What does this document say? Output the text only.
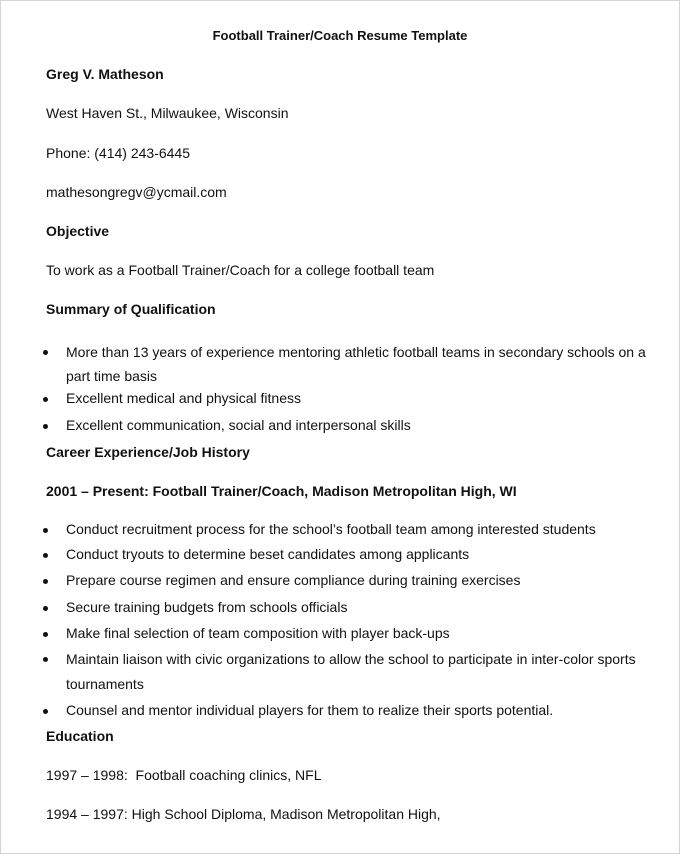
Football Trainer/Coach Resume Template
Greg V. Matheson
West Haven St., Milwaukee, Wisconsin
Phone: (414) 243-6445
mathesongregv@ycmail.com
Objective
To work as a Football Trainer/Coach for a college football team
Summary of Qualification
More than 13 years of experience mentoring athletic football teams in secondary schools on a part time basis
Excellent medical and physical fitness
Excellent communication, social and interpersonal skills
Career Experience/Job History
2001 – Present: Football Trainer/Coach, Madison Metropolitan High, WI
Conduct recruitment process for the school’s football team among interested students
Conduct tryouts to determine beset candidates among applicants
Prepare course regimen and ensure compliance during training exercises
Secure training budgets from schools officials
Make final selection of team composition with player back-ups
Maintain liaison with civic organizations to allow the school to participate in inter-color sports tournaments
Counsel and mentor individual players for them to realize their sports potential.
Education
1997 – 1998:  Football coaching clinics, NFL
1994 – 1997: High School Diploma, Madison Metropolitan High,
